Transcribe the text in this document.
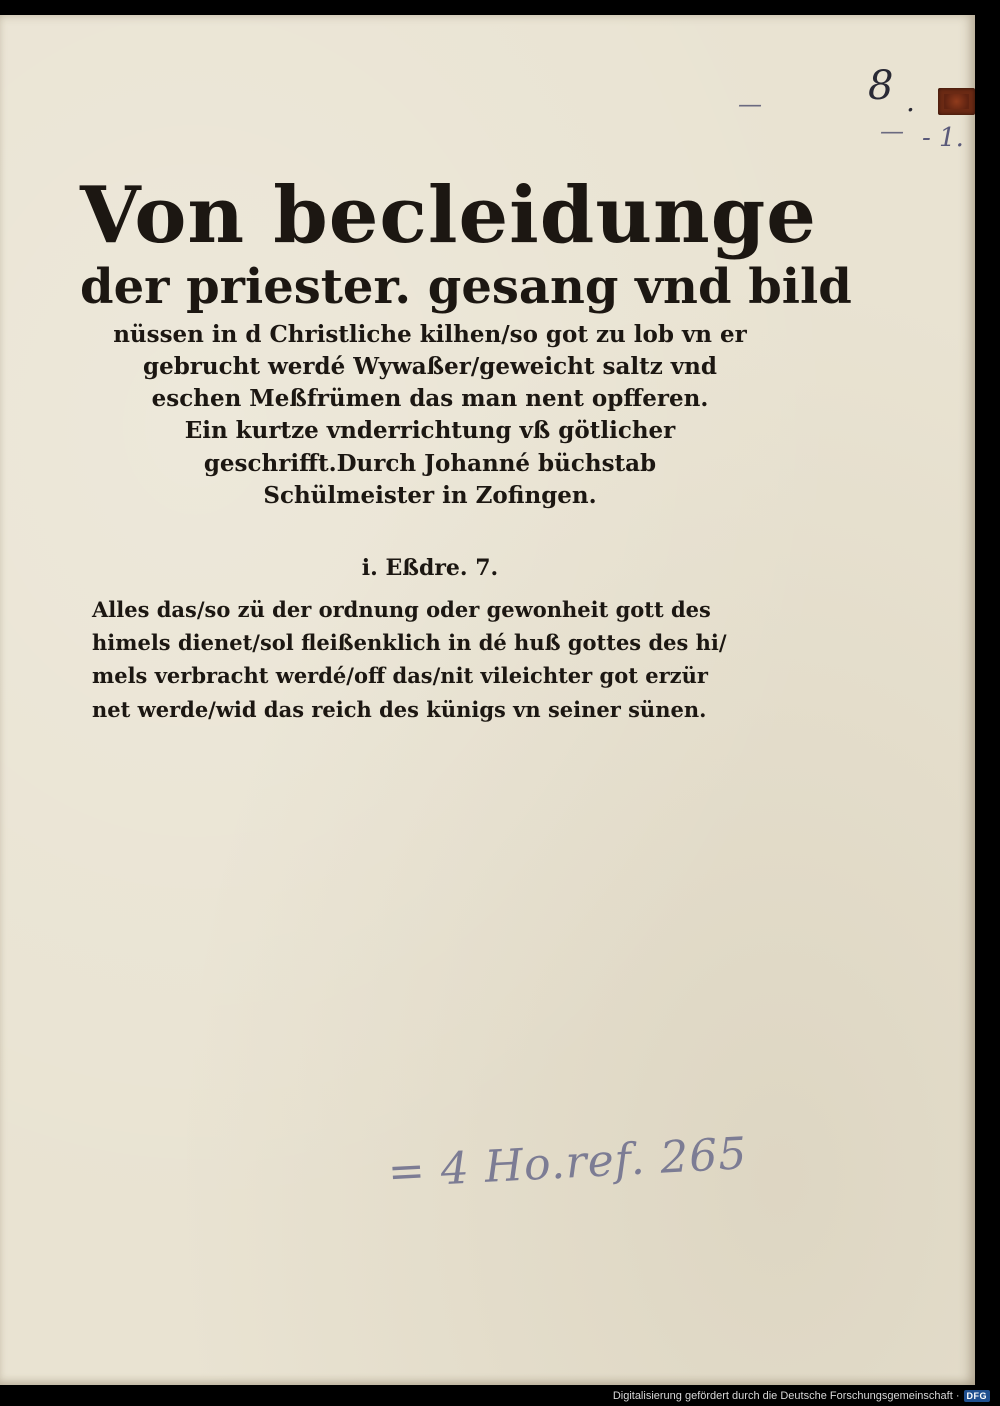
8 .
- 1.
—
—
Von becleidunge
der priester. gesang vnd bild
nüssen in d Christliche kilhen/so got zu lob vn er
gebrucht werdé Wywaßer/geweicht saltz vnd
eschen Meßfrümen das man nent opfferen.
Ein kurtze vnderrichtung vß götlicher
geschrifft.Durch Johanné büchstab
Schülmeister in Zofingen.
i. Eßdre. 7.
Alles das/so zü der ordnung oder gewonheit gott des
himels dienet/sol fleißenklich in dé huß gottes des hi/
mels verbracht werdé/off das/nit vileichter got erzür
net werde/wid das reich des künigs vn seiner sünen.
= 4 Ho.ref. 265
Digitalisierung gefördert durch die Deutsche Forschungsgemeinschaft · DFG
